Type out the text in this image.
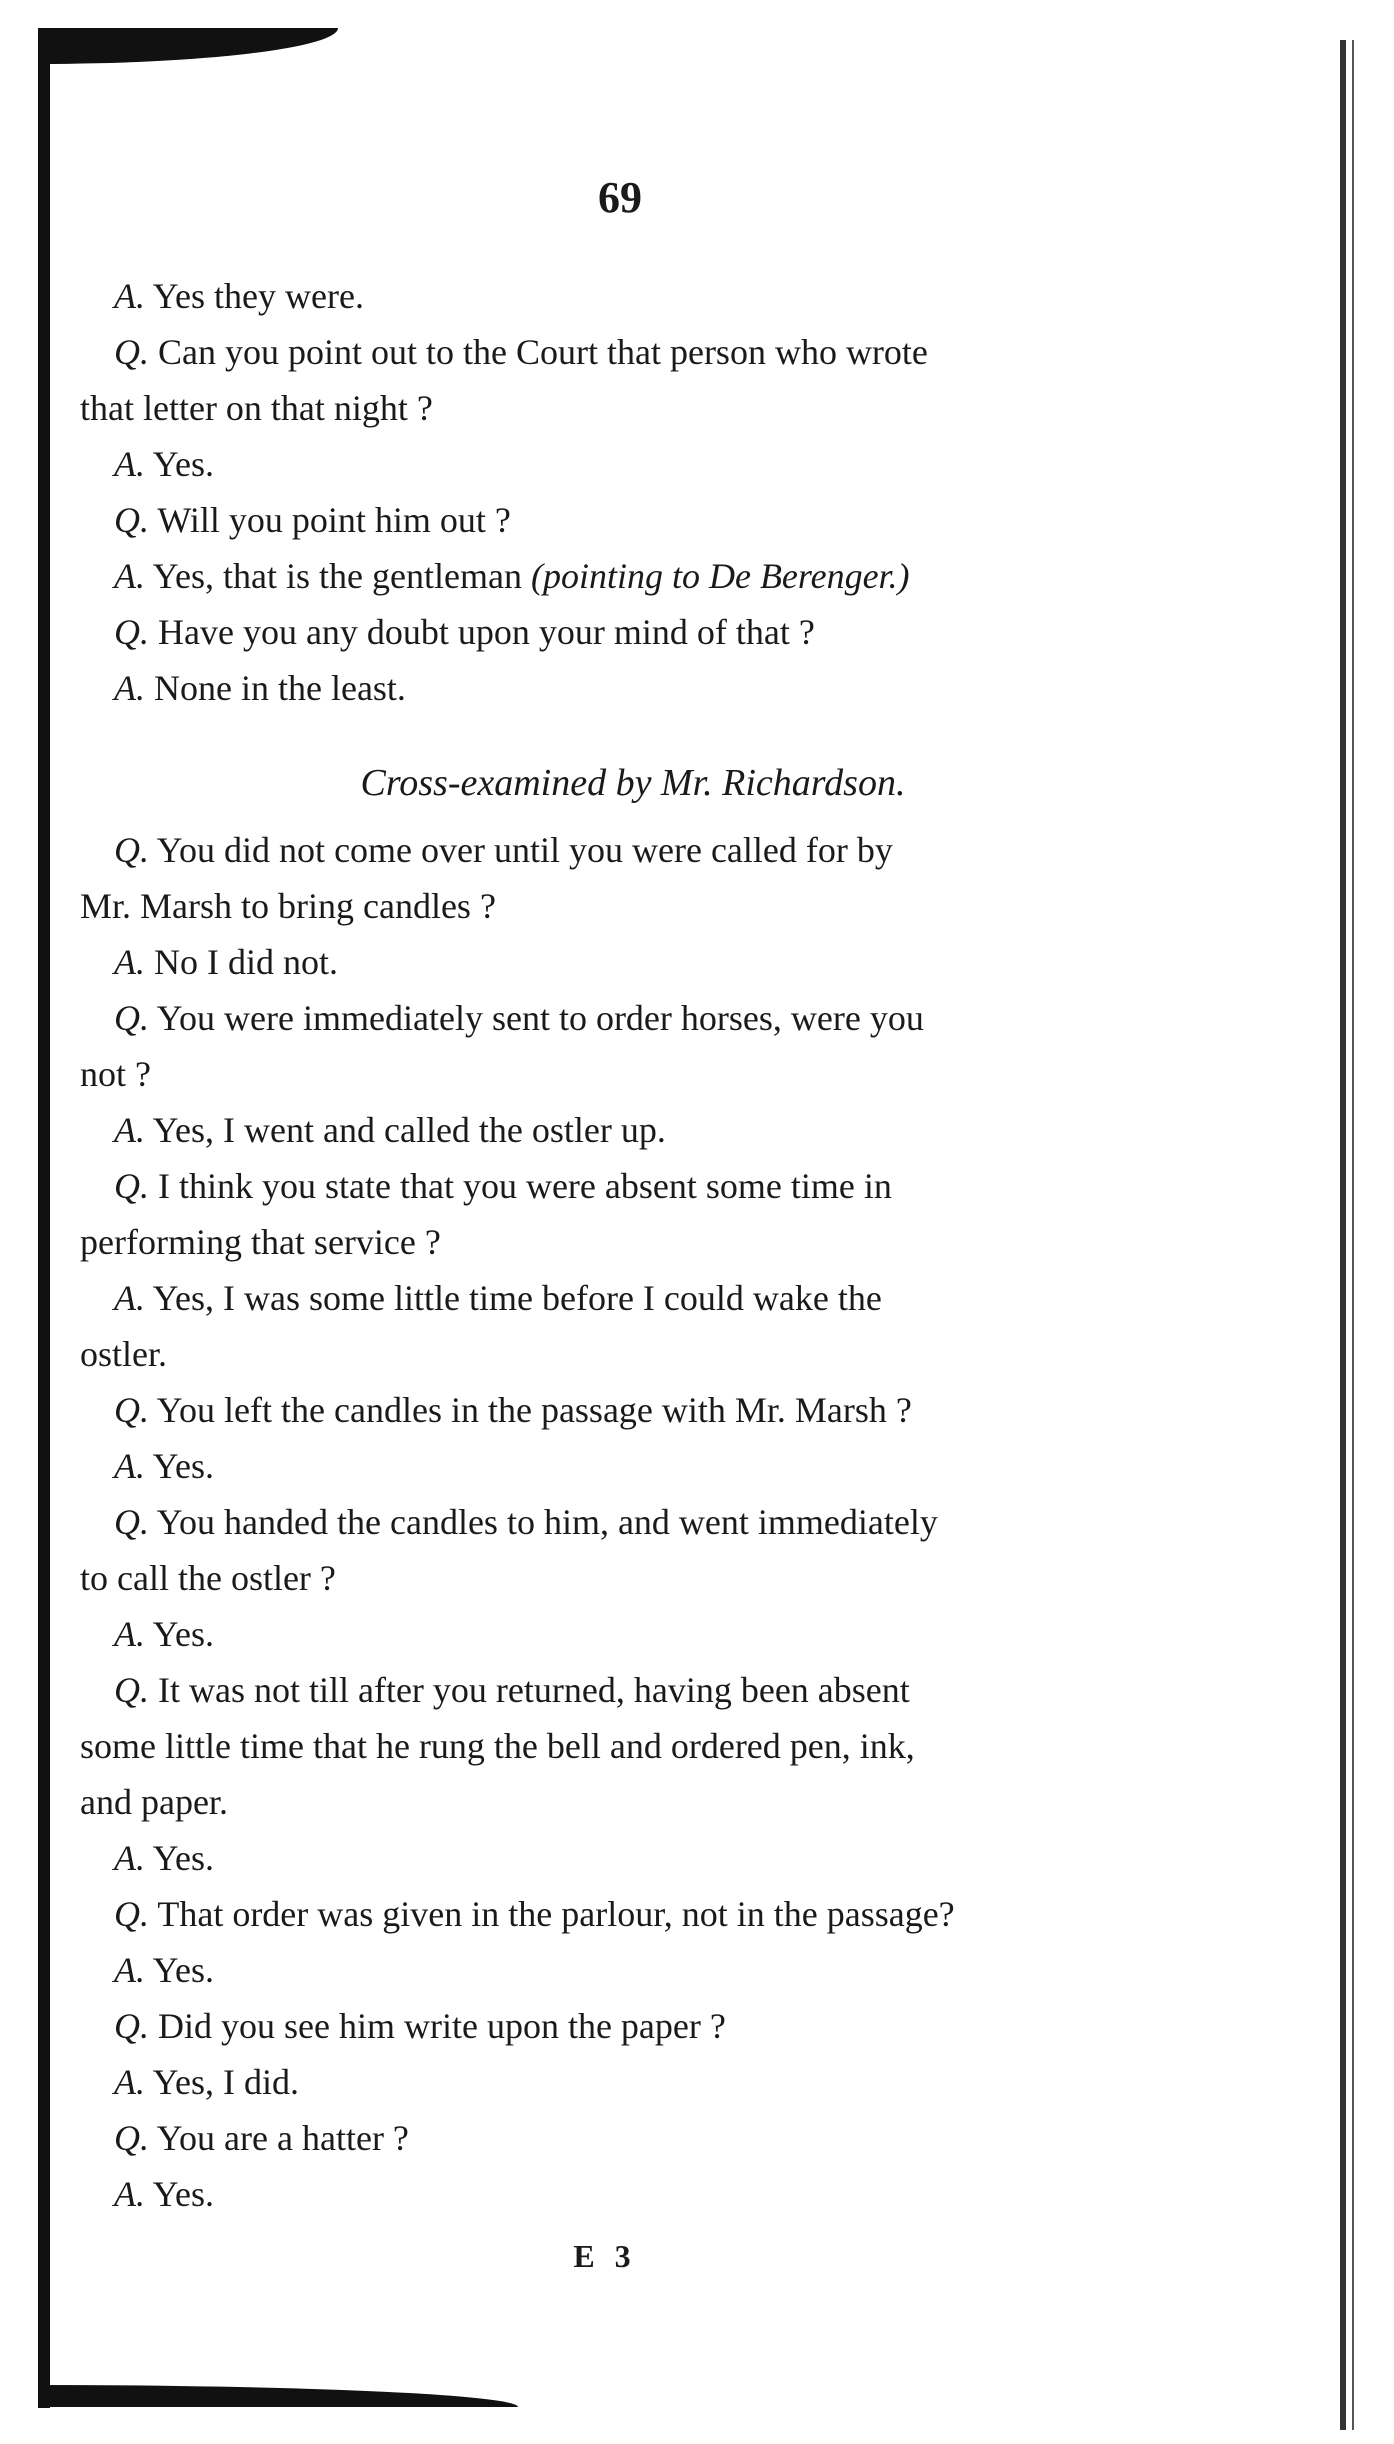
69
A. Yes they were.
Q. Can you point out to the Court that person who wrote
that letter on that night ?
A. Yes.
Q. Will you point him out ?
A. Yes, that is the gentleman (pointing to De Berenger.)
Q. Have you any doubt upon your mind of that ?
A. None in the least.
Cross-examined by Mr. Richardson.
Q. You did not come over until you were called for by
Mr. Marsh to bring candles ?
A. No I did not.
Q. You were immediately sent to order horses, were you
not ?
A. Yes, I went and called the ostler up.
Q. I think you state that you were absent some time in
performing that service ?
A. Yes, I was some little time before I could wake the
ostler.
Q. You left the candles in the passage with Mr. Marsh ?
A. Yes.
Q. You handed the candles to him, and went immediately
to call the ostler ?
A. Yes.
Q. It was not till after you returned, having been absent
some little time that he rung the bell and ordered pen, ink,
and paper.
A. Yes.
Q. That order was given in the parlour, not in the passage?
A. Yes.
Q. Did you see him write upon the paper ?
A. Yes, I did.
Q. You are a hatter ?
A. Yes.
E 3
